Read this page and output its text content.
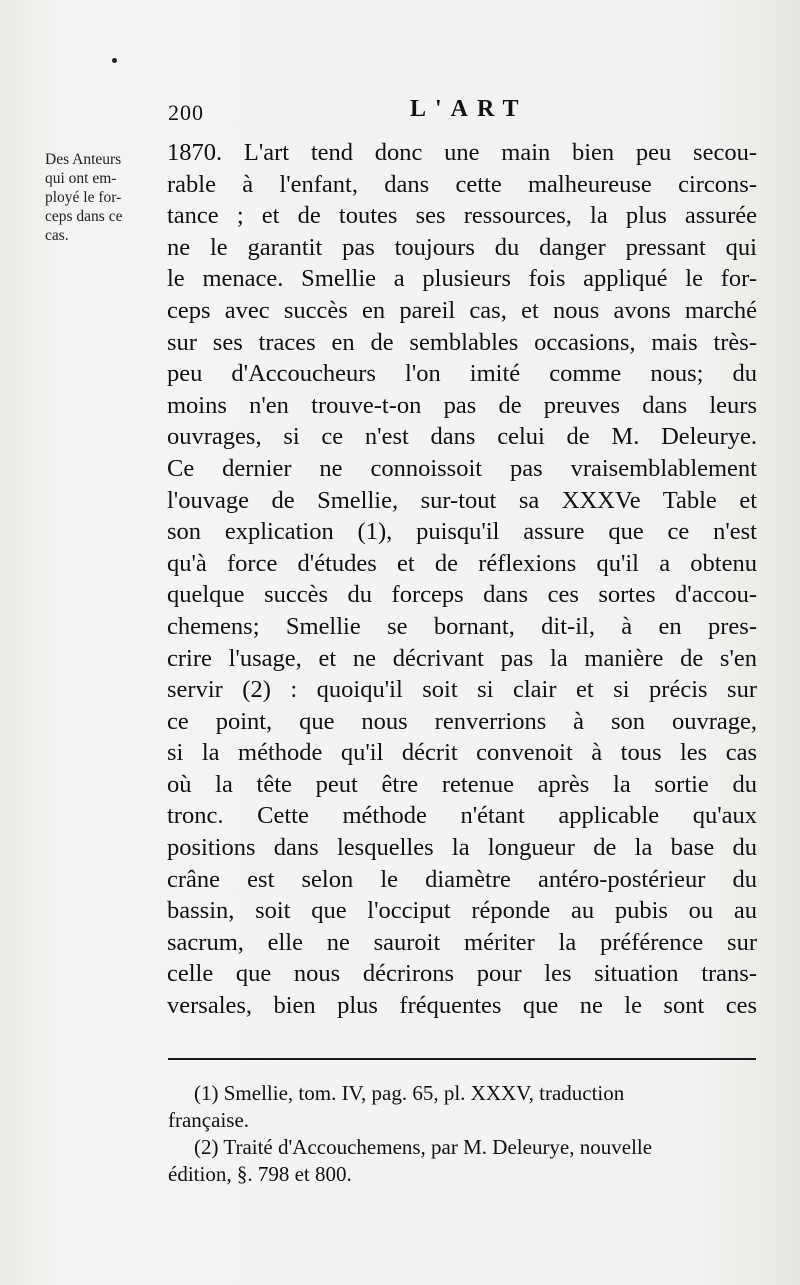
200	L'ART
Des Anteurs
qui ont em-
ployé le for-
ceps dans ce
cas.
1870. L'art tend donc une main bien peu secou-
rable à l'enfant, dans cette malheureuse circons-
tance ; et de toutes ses ressources, la plus assurée
ne le garantit pas toujours du danger pressant qui
le menace. Smellie a plusieurs fois appliqué le for-
ceps avec succès en pareil cas, et nous avons marché
sur ses traces en de semblables occasions, mais très-
peu d'Accoucheurs l'on imité comme nous; du
moins n'en trouve-t-on pas de preuves dans leurs
ouvrages, si ce n'est dans celui de M. Deleurye.
Ce dernier ne connoissoit pas vraisemblablement
l'ouvage de Smellie, sur-tout sa XXXVe Table et
son explication (1), puisqu'il assure que ce n'est
qu'à force d'études et de réflexions qu'il a obtenu
quelque succès du forceps dans ces sortes d'accou-
chemens; Smellie se bornant, dit-il, à en pres-
crire l'usage, et ne décrivant pas la manière de s'en
servir (2) : quoiqu'il soit si clair et si précis sur
ce point, que nous renverrions à son ouvrage,
si la méthode qu'il décrit convenoit à tous les cas
où la tête peut être retenue après la sortie du
tronc. Cette méthode n'étant applicable qu'aux
positions dans lesquelles la longueur de la base du
crâne est selon le diamètre antéro-postérieur du
bassin, soit que l'occiput réponde au pubis ou au
sacrum, elle ne sauroit mériter la préférence sur
celle que nous décrirons pour les situation trans-
versales, bien plus fréquentes que ne le sont ces
(1) Smellie, tom. IV, pag. 65, pl. XXXV, traduction
française.
(2) Traité d'Accouchemens, par M. Deleurye, nouvelle
édition, §. 798 et 800.
